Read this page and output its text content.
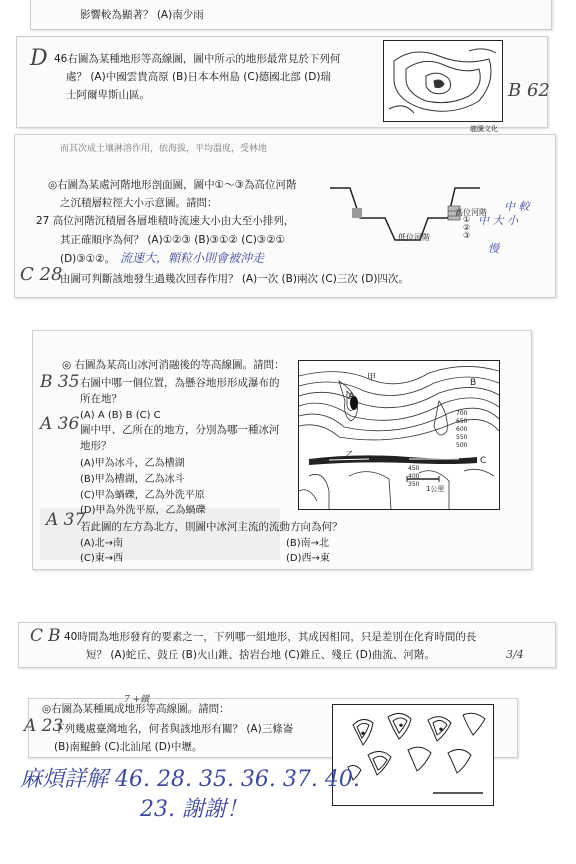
影響較為顯著？ (A)南少雨
D 46右圖為某種地形等高線圖，圖中所示的地形最常見於下列何
處？ (A)中國雲貴高原 (B)日本本州島 (C)德國北部 (D)瑞
士阿爾卑斯山區。	B 62
龍騰文化
而其次成土壤淋溶作用，依海拔，平均溫度，受林地
◎右圖為某處河階地形剖面圖，圖中①～③為高位河階
之沉積層粒徑大小示意圖。請問：
27 高位河階沉積層各層堆積時流速大小由大至小排列，
其正確順序為何？ (A)①②③ (B)③①② (C)③②①
(D)③①②。 流速大，顆粒小則會被沖走
C 28
由圖可判斷該地發生過幾次回春作用？ (A)一次 (B)兩次 (C)三次 (D)四次。
高位河階
低位河階
①
②
③
中 大 小
中 較
慢
◎ 右圖為某高山冰河消融後的等高線圖。請問：
B 35 右圖中哪一個位置，為懸谷地形形成瀑布的
所在地？
(A) A (B) B (C) C
A 36 圖中甲、乙所在的地方，分別為哪一種冰河
地形？
(A)甲為冰斗，乙為槽湖
(B)甲為槽湖，乙為冰斗
(C)甲為蝸礫，乙為外洗平原
(D)甲為外洗平原，乙為蝸礫
A 37
若此圖的左方為北方，則圖中冰河主流的流動方向為何？
(A)北→南	(B)南→北
(C)東→西	(D)西→東
甲
乙
A
B
C
700
650
600
550
500
450
400
350
1公里
C B 40時間為地形發育的要素之一，下列哪一組地形，其成因相同，只是差別在化育時間的長
短？ (A)蛇丘、鼓丘 (B)火山錐、捨岩台地 (C)錐丘、殘丘 (D)曲流、河階。	3/4
7 +鐵
◎右圖為某種風成地形等高線圖。請問：
A 23
下列幾處臺灣地名，何者與該地形有關？ (A)三條崙
(B)南鯤鯓 (C)北汕尾 (D)中壢。
麻煩詳解 46. 28. 35. 36. 37. 40.
23. 謝謝！
